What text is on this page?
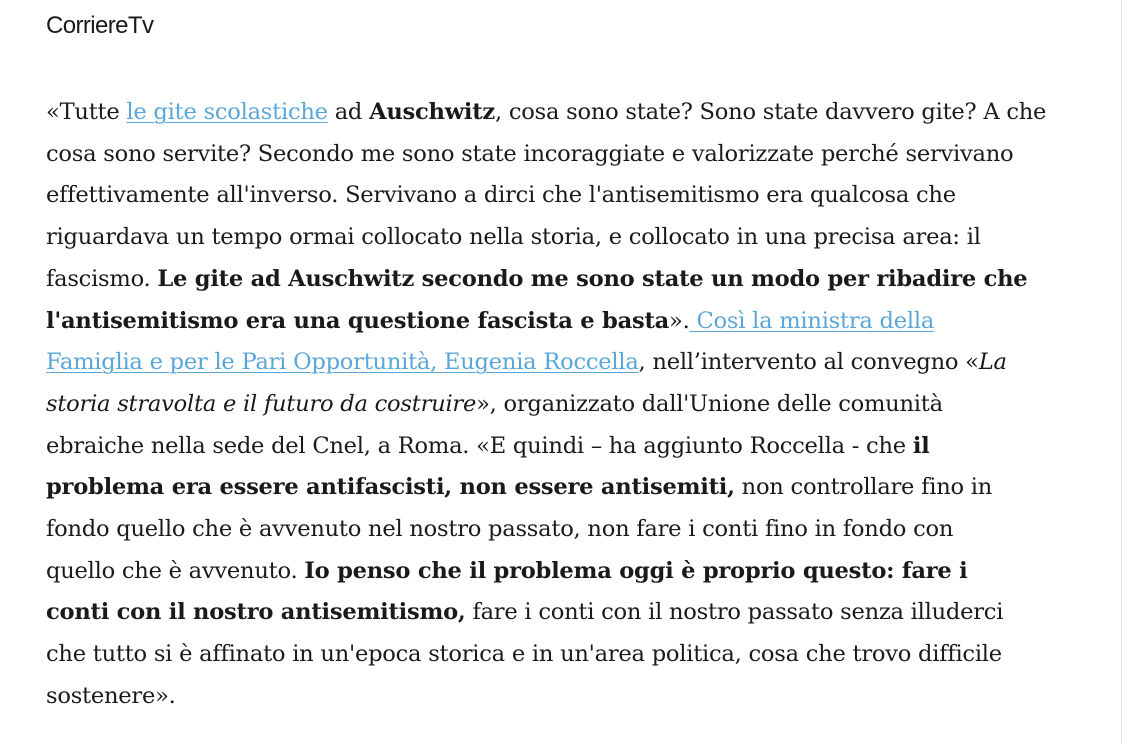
CorriereTv

«Tutte le gite scolastiche ad Auschwitz, cosa sono state? Sono state davvero gite? A che
cosa sono servite? Secondo me sono state incoraggiate e valorizzate perché servivano
effettivamente all'inverso. Servivano a dirci che l'antisemitismo era qualcosa che
riguardava un tempo ormai collocato nella storia, e collocato in una precisa area: il
fascismo. Le gite ad Auschwitz secondo me sono state un modo per ribadire che
l'antisemitismo era una questione fascista e basta». Così la ministra della
Famiglia e per le Pari Opportunità, Eugenia Roccella, nell’intervento al convegno «La
storia stravolta e il futuro da costruire», organizzato dall'Unione delle comunità
ebraiche nella sede del Cnel, a Roma. «E quindi – ha aggiunto Roccella - che il
problema era essere antifascisti, non essere antisemiti, non controllare fino in
fondo quello che è avvenuto nel nostro passato, non fare i conti fino in fondo con
quello che è avvenuto. Io penso che il problema oggi è proprio questo: fare i
conti con il nostro antisemitismo, fare i conti con il nostro passato senza illuderci
che tutto si è affinato in un'epoca storica e in un'area politica, cosa che trovo difficile
sostenere».
